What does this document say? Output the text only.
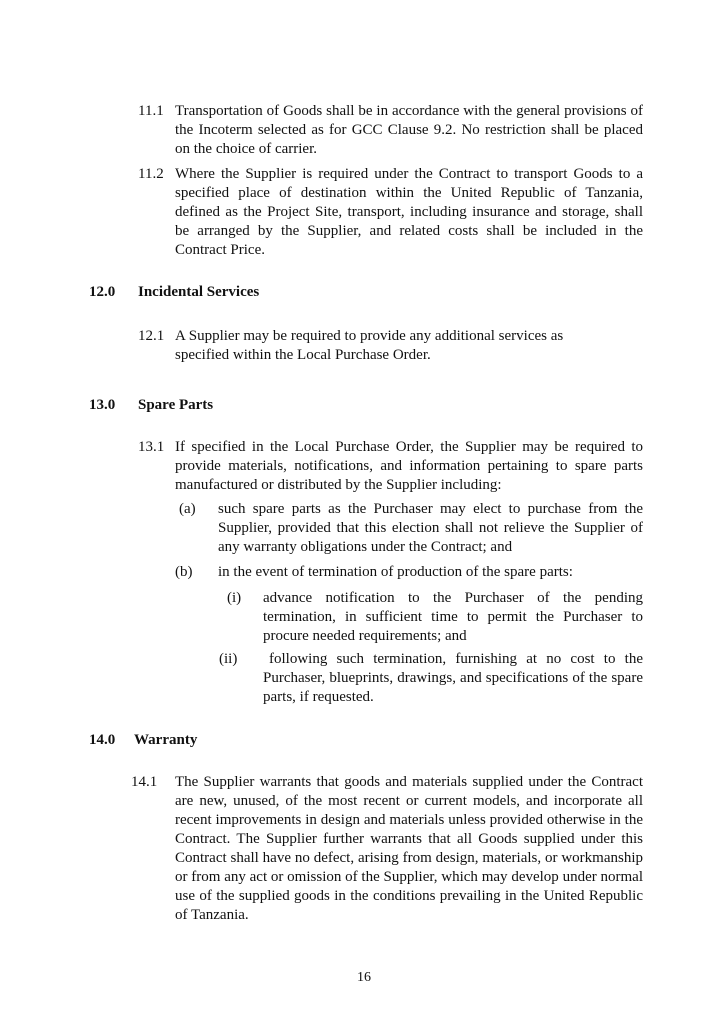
11.1 Transportation of Goods shall be in accordance with the general provisions of the Incoterm selected as for GCC Clause 9.2. No restriction shall be placed on the choice of carrier.
11.2 Where the Supplier is required under the Contract to transport Goods to a specified place of destination within the United Republic of Tanzania, defined as the Project Site, transport, including insurance and storage, shall be arranged by the Supplier, and related costs shall be included in the Contract Price.
12.0 Incidental Services
12.1 A Supplier may be required to provide any additional services as
specified within the Local Purchase Order.
13.0 Spare Parts
13.1 If specified in the Local Purchase Order, the Supplier may be required to provide materials, notifications, and information pertaining to spare parts manufactured or distributed by the Supplier including:
(a) such spare parts as the Purchaser may elect to purchase from the Supplier, provided that this election shall not relieve the Supplier of any warranty obligations under the Contract; and
(b) in the event of termination of production of the spare parts:
(i) advance notification to the Purchaser of the pending termination, in sufficient time to permit the Purchaser to procure needed requirements; and
(ii)	following such termination, furnishing at no cost to the Purchaser, blueprints, drawings, and specifications of the spare parts, if requested.
14.0 Warranty
14.1 The Supplier warrants that goods and materials supplied under the Contract are new, unused, of the most recent or current models, and incorporate all recent improvements in design and materials unless provided otherwise in the Contract. The Supplier further warrants that all Goods supplied under this Contract shall have no defect, arising from design, materials, or workmanship or from any act or omission of the Supplier, which may develop under normal use of the supplied goods in the conditions prevailing in the United Republic of Tanzania.
16
